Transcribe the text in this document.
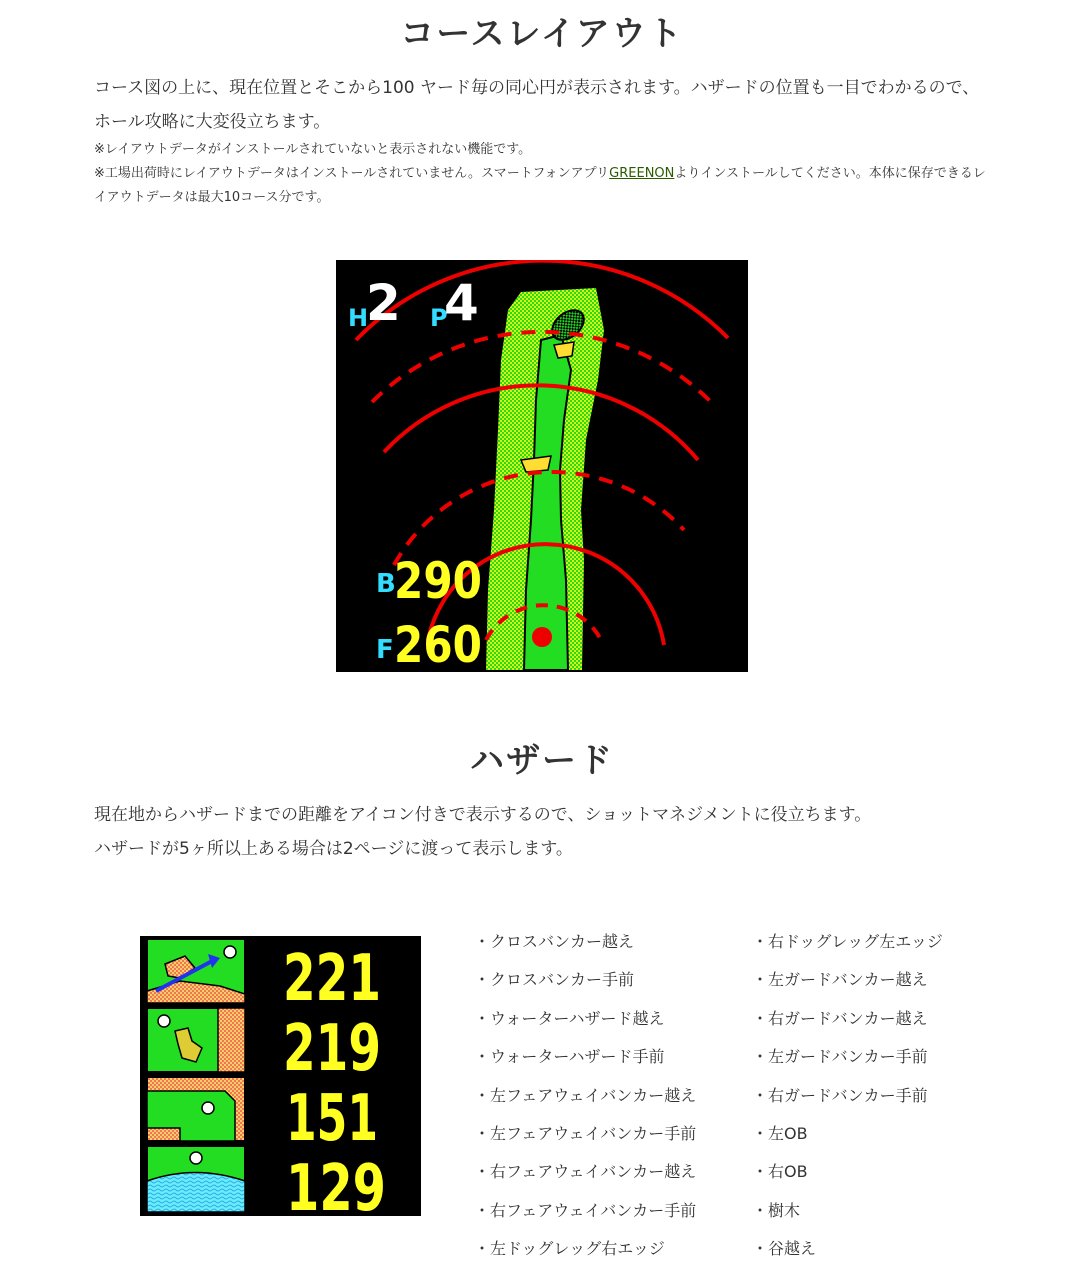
コースレイアウト

コース図の上に、現在位置とそこから100 ヤード毎の同心円が表示されます。ハザードの位置も一目でわかるので、ホール攻略に大変役立ちます。

※レイアウトデータがインストールされていないと表示されない機能です。

※工場出荷時にレイアウトデータはインストールされていません。スマートフォンアプリGREENONよりインストールしてください。本体に保存できるレイアウトデータは最大10コース分です。

H
2 P
4
B
290
F 260
ハザード

現在地からハザードまでの距離をアイコン付きで表示するので、ショットマネジメントに役立ちます。

ハザードが5ヶ所以上ある場合は2ページに渡って表示します。

221
219
151
129
・クロスバンカー越え
・クロスバンカー手前
・ウォーターハザード越え
・ウォーターハザード手前
・左フェアウェイバンカー越え
・左フェアウェイバンカー手前
・右フェアウェイバンカー越え
・右フェアウェイバンカー手前
・左ドッグレッグ右エッジ
・右ドッグレッグ左エッジ
・左ガードバンカー越え
・右ガードバンカー越え
・左ガードバンカー手前
・右ガードバンカー手前
・左OB
・右OB
・樹木
・谷越え
